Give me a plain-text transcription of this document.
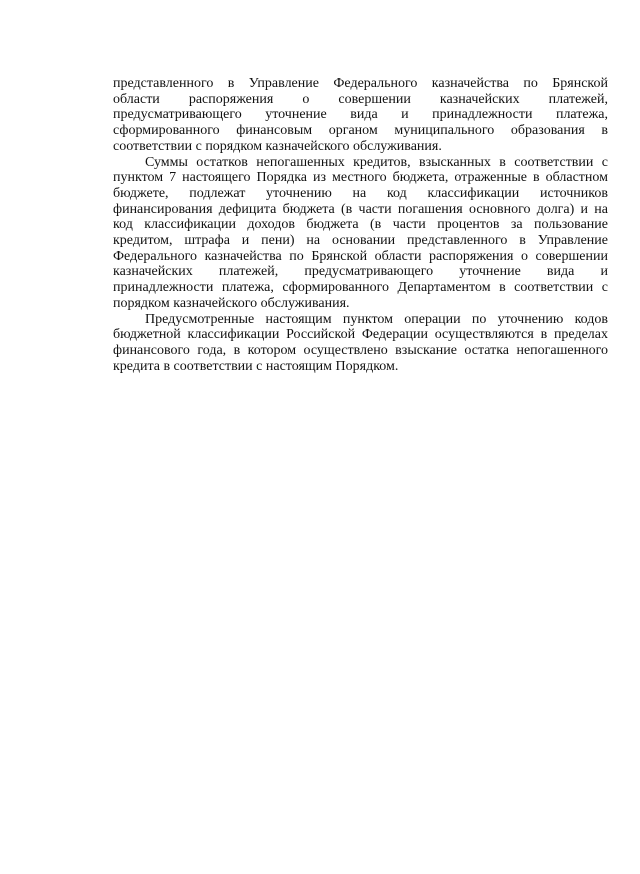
представленного в Управление Федерального казначейства по Брянской
области распоряжения о совершении казначейских платежей,
предусматривающего уточнение вида и принадлежности платежа,
сформированного финансовым органом муниципального образования в
соответствии с порядком казначейского обслуживания.
Суммы остатков непогашенных кредитов, взысканных в соответствии с
пунктом 7 настоящего Порядка из местного бюджета, отраженные в областном
бюджете, подлежат уточнению на код классификации источников
финансирования дефицита бюджета (в части погашения основного долга) и на
код классификации доходов бюджета (в части процентов за пользование
кредитом, штрафа и пени) на основании представленного в Управление
Федерального казначейства по Брянской области распоряжения о совершении
казначейских платежей, предусматривающего уточнение вида и
принадлежности платежа, сформированного Департаментом в соответствии с
порядком казначейского обслуживания.
Предусмотренные настоящим пунктом операции по уточнению кодов
бюджетной классификации Российской Федерации осуществляются в пределах
финансового года, в котором осуществлено взыскание остатка непогашенного
кредита в соответствии с настоящим Порядком.
